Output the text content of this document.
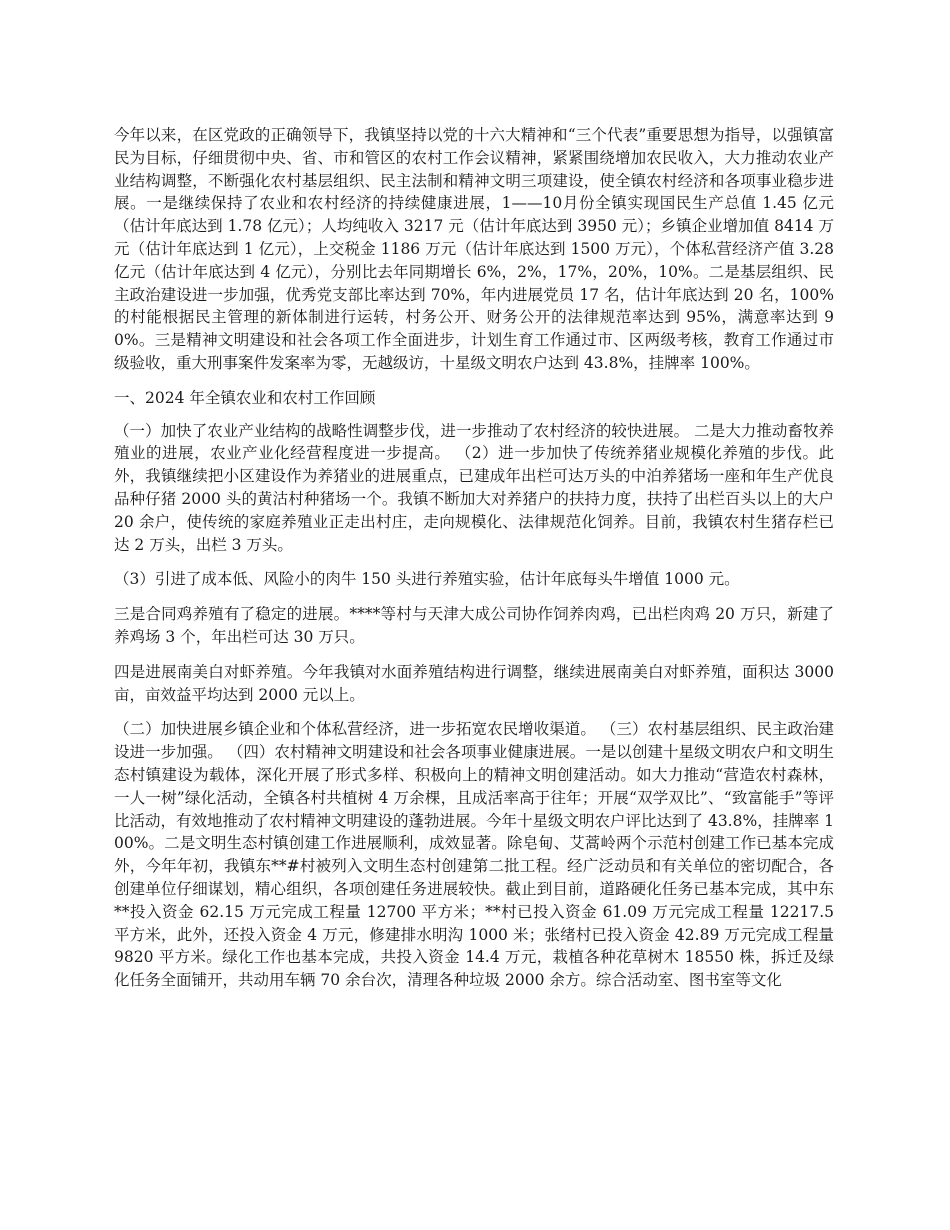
今年以来，在区党政的正确领导下，我镇坚持以党的十六大精神和“三个代表”重要思想为指导，以强镇富民为目标，仔细贯彻中央、省、市和管区的农村工作会议精神，紧紧围绕增加农民收入，大力推动农业产业结构调整，不断强化农村基层组织、民主法制和精神文明三项建设，使全镇农村经济和各项事业稳步进展。一是继续保持了农业和农村经济的持续健康进展，1——10月份全镇实现国民生产总值 1.45 亿元（估计年底达到 1.78 亿元）；人均纯收入 3217 元（估计年底达到 3950 元）；乡镇企业增加值 8414 万元（估计年底达到 1 亿元），上交税金 1186 万元（估计年底达到 1500 万元），个体私营经济产值 3.28 亿元（估计年底达到 4 亿元），分别比去年同期增长 6%，2%，17%，20%，10%。二是基层组织、民主政治建设进一步加强，优秀党支部比率达到 70%，年内进展党员 17 名，估计年底达到 20 名，100%的村能根据民主管理的新体制进行运转，村务公开、财务公开的法律规范率达到 95%，满意率达到 90%。三是精神文明建设和社会各项工作全面进步，计划生育工作通过市、区两级考核，教育工作通过市级验收，重大刑事案件发案率为零，无越级访，十星级文明农户达到 43.8%，挂牌率 100%。

一、2024 年全镇农业和农村工作回顾

（一）加快了农业产业结构的战略性调整步伐，进一步推动了农村经济的较快进展。 二是大力推动畜牧养殖业的进展，农业产业化经营程度进一步提高。 （2）进一步加快了传统养猪业规模化养殖的步伐。此外，我镇继续把小区建设作为养猪业的进展重点，已建成年出栏可达万头的中泊养猪场一座和年生产优良品种仔猪 2000 头的黄沽村种猪场一个。我镇不断加大对养猪户的扶持力度，扶持了出栏百头以上的大户 20 余户，使传统的家庭养殖业正走出村庄，走向规模化、法律规范化饲养。目前，我镇农村生猪存栏已达 2 万头，出栏 3 万头。

（3）引进了成本低、风险小的肉牛 150 头进行养殖实验，估计年底每头牛增值 1000 元。

三是合同鸡养殖有了稳定的进展。****等村与天津大成公司协作饲养肉鸡，已出栏肉鸡 20 万只，新建了养鸡场 3 个，年出栏可达 30 万只。

四是进展南美白对虾养殖。今年我镇对水面养殖结构进行调整，继续进展南美白对虾养殖，面积达 3000 亩，亩效益平均达到 2000 元以上。

（二）加快进展乡镇企业和个体私营经济，进一步拓宽农民增收渠道。 （三）农村基层组织、民主政治建设进一步加强。 （四）农村精神文明建设和社会各项事业健康进展。一是以创建十星级文明农户和文明生态村镇建设为载体，深化开展了形式多样、积极向上的精神文明创建活动。如大力推动“营造农村森林，一人一树”绿化活动，全镇各村共植树 4 万余棵，且成活率高于往年；开展“双学双比”、“致富能手”等评比活动，有效地推动了农村精神文明建设的蓬勃进展。今年十星级文明农户评比达到了 43.8%，挂牌率 100%。二是文明生态村镇创建工作进展顺利，成效显著。除皂甸、艾蒿岭两个示范村创建工作已基本完成外，今年年初，我镇东**#村被列入文明生态村创建第二批工程。经广泛动员和有关单位的密切配合，各创建单位仔细谋划，精心组织，各项创建任务进展较快。截止到目前，道路硬化任务已基本完成，其中东**投入资金 62.15 万元完成工程量 12700 平方米；**村已投入资金 61.09 万元完成工程量 12217.5 平方米，此外，还投入资金 4 万元，修建排水明沟 1000 米；张绪村已投入资金 42.89 万元完成工程量 9820 平方米。绿化工作也基本完成，共投入资金 14.4 万元，栽植各种花草树木 18550 株，拆迁及绿化任务全面铺开，共动用车辆 70 余台次，清理各种垃圾 2000 余方。综合活动室、图书室等文化
